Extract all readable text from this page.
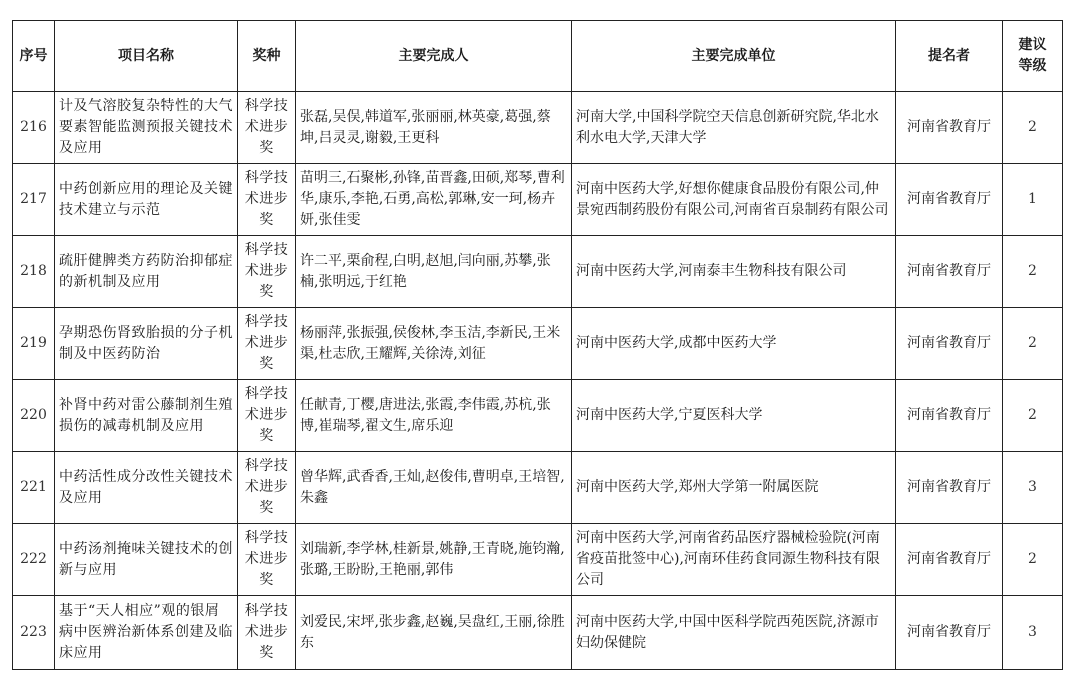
序号	项目名称	奖种	主要完成人	主要完成单位	提名者	建议等级
216	计及气溶胶复杂特性的大气要素智能监测预报关键技术及应用	科学技术进步奖	张磊,吴俣,韩道军,张丽丽,林英豪,葛强,蔡坤,吕灵灵,谢毅,王更科	河南大学,中国科学院空天信息创新研究院,华北水利水电大学,天津大学	河南省教育厅	2
217	中药创新应用的理论及关键技术建立与示范	科学技术进步奖	苗明三,石聚彬,孙锋,苗晋鑫,田硕,郑琴,曹利华,康乐,李艳,石勇,高松,郭琳,安一珂,杨卉妍,张佳雯	河南中医药大学,好想你健康食品股份有限公司,仲景宛西制药股份有限公司,河南省百泉制药有限公司	河南省教育厅	1
218	疏肝健脾类方药防治抑郁症的新机制及应用	科学技术进步奖	许二平,栗俞程,白明,赵旭,闫向丽,苏攀,张楠,张明远,于红艳	河南中医药大学,河南泰丰生物科技有限公司	河南省教育厅	2
219	孕期恐伤肾致胎损的分子机制及中医药防治	科学技术进步奖	杨丽萍,张振强,侯俊林,李玉洁,李新民,王米渠,杜志欣,王耀辉,关徐涛,刘征	河南中医药大学,成都中医药大学	河南省教育厅	2
220	补肾中药对雷公藤制剂生殖损伤的减毒机制及应用	科学技术进步奖	任献青,丁樱,唐进法,张霞,李伟霞,苏杭,张博,崔瑞琴,翟文生,席乐迎	河南中医药大学,宁夏医科大学	河南省教育厅	2
221	中药活性成分改性关键技术及应用	科学技术进步奖	曾华辉,武香香,王灿,赵俊伟,曹明卓,王培智,朱鑫	河南中医药大学,郑州大学第一附属医院	河南省教育厅	3
222	中药汤剂掩味关键技术的创新与应用	科学技术进步奖	刘瑞新,李学林,桂新景,姚静,王青晓,施钧瀚,张璐,王盼盼,王艳丽,郭伟	河南中医药大学,河南省药品医疗器械检验院(河南省疫苗批签中心),河南环佳药食同源生物科技有限公司	河南省教育厅	2
223	基于“天人相应”观的银屑病中医辨治新体系创建及临床应用	科学技术进步奖	刘爱民,宋坪,张步鑫,赵巍,吴盘红,王丽,徐胜东	河南中医药大学,中国中医科学院西苑医院,济源市妇幼保健院	河南省教育厅	3
